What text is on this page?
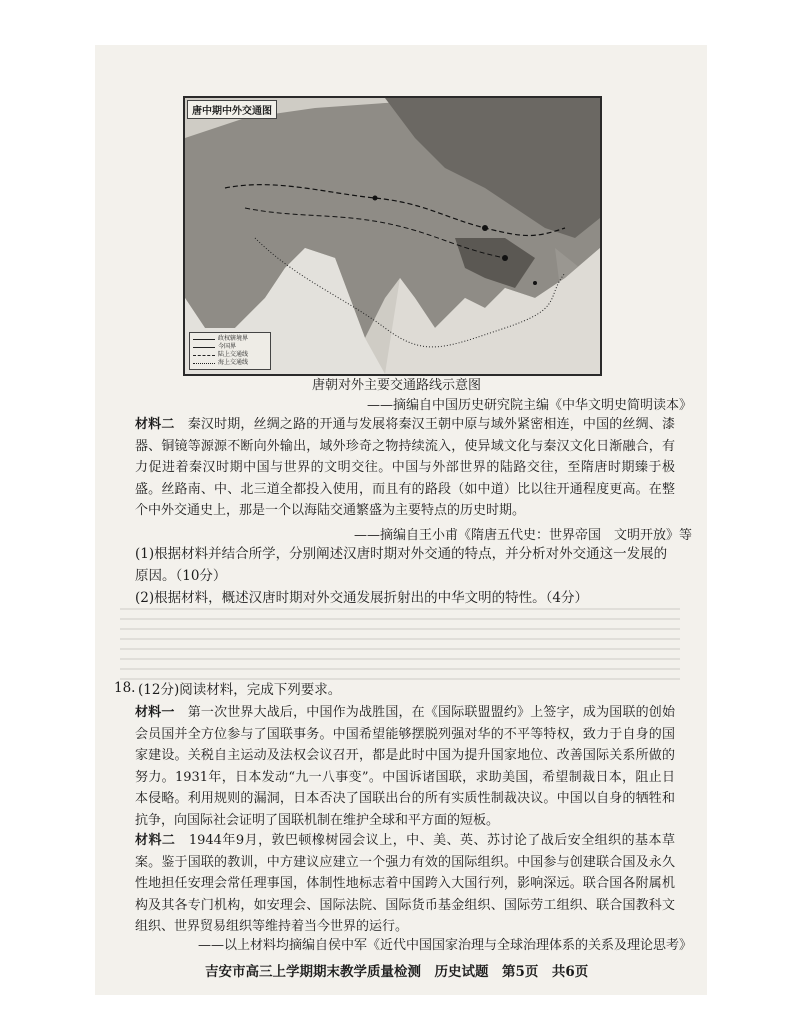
唐中期中外交通图
政权辖境界
今国界
陆上交通线
海上交通线
唐朝对外主要交通路线示意图
——摘编自中国历史研究院主编《中华文明史简明读本》

材料二　 秦汉时期，丝绸之路的开通与发展将秦汉王朝中原与域外紧密相连，中国的丝绸、漆器、铜镜等源源不断向外输出，域外珍奇之物持续流入，使异域文化与秦汉文化日渐融合，有力促进着秦汉时期中国与世界的文明交往。中国与外部世界的陆路交往，至隋唐时期臻于极盛。丝路南、中、北三道全都投入使用，而且有的路段（如中道）比以往开通程度更高。在整个中外交通史上，那是一个以海陆交通繁盛为主要特点的历史时期。

——摘编自王小甫《隋唐五代史：世界帝国　文明开放》等

(1)根据材料并结合所学，分别阐述汉唐时期对外交通的特点，并分析对外交通这一发展的原因。（10分）

(2)根据材料，概述汉唐时期对外交通发展折射出的中华文明的特性。（4分）

18. (12分)阅读材料，完成下列要求。

材料一　 第一次世界大战后，中国作为战胜国，在《国际联盟盟约》上签字，成为国联的创始会员国并全方位参与了国联事务。中国希望能够摆脱列强对华的不平等特权，致力于自身的国家建设。关税自主运动及法权会议召开，都是此时中国为提升国家地位、改善国际关系所做的努力。1931年，日本发动“九一八事变”。中国诉诸国联，求助美国，希望制裁日本，阻止日本侵略。利用规则的漏洞，日本否决了国联出台的所有实质性制裁决议。中国以自身的牺牲和抗争，向国际社会证明了国联机制在维护全球和平方面的短板。

材料二　 1944年9月，敦巴顿橡树园会议上，中、美、英、苏讨论了战后安全组织的基本草案。鉴于国联的教训，中方建议应建立一个强力有效的国际组织。中国参与创建联合国及永久性地担任安理会常任理事国，体制性地标志着中国跨入大国行列，影响深远。联合国各附属机构及其各专门机构，如安理会、国际法院、国际货币基金组织、国际劳工组织、联合国教科文组织、世界贸易组织等维持着当今世界的运行。

——以上材料均摘编自侯中军《近代中国国家治理与全球治理体系的关系及理论思考》
吉安市高三上学期期末教学质量检测　历史试题　第5页　共6页
